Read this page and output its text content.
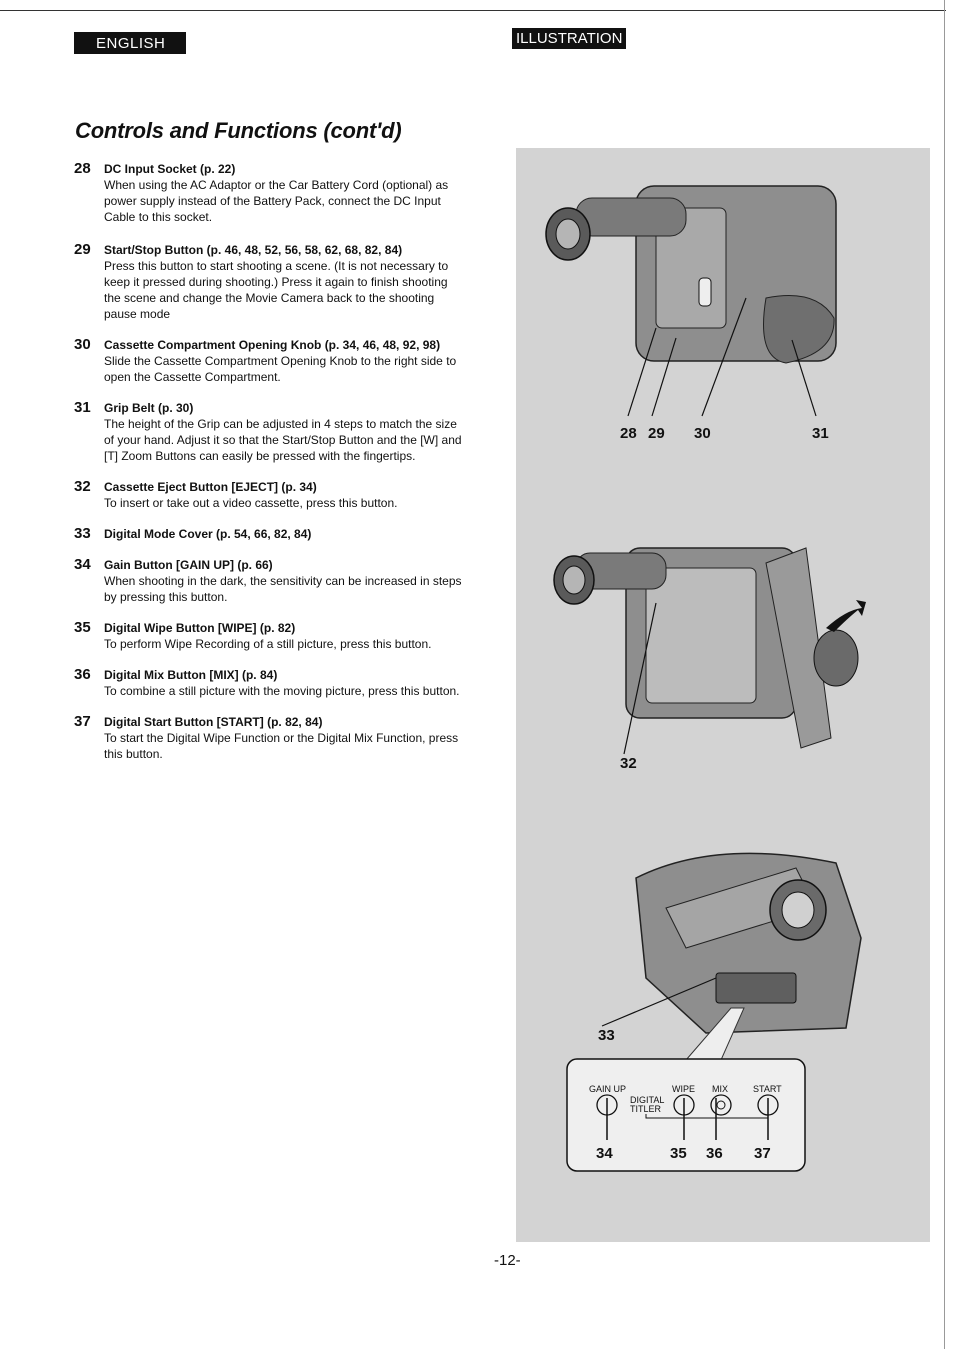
ENGLISH	ILLUSTRATION
Controls and Functions (cont'd)
28	DC Input Socket (p. 22)
When using the AC Adaptor or the Car Battery Cord (optional) as power supply instead of the Battery Pack, connect the DC Input Cable to this socket.
29	Start/Stop Button (p. 46, 48, 52, 56, 58, 62, 68, 82, 84)
Press this button to start shooting a scene. (It is not necessary to keep it pressed during shooting.) Press it again to finish shooting the scene and change the Movie Camera back to the shooting pause mode
30	Cassette Compartment Opening Knob (p. 34, 46, 48, 92, 98)
Slide the Cassette Compartment Opening Knob to the right side to open the Cassette Compartment.
31	Grip Belt (p. 30)
The height of the Grip can be adjusted in 4 steps to match the size of your hand. Adjust it so that the Start/Stop Button and the [W] and [T] Zoom Buttons can easily be pressed with the fingertips.
32	Cassette Eject Button [EJECT] (p. 34)
To insert or take out a video cassette, press this button.
33	Digital Mode Cover (p. 54, 66, 82, 84)
34	Gain Button [GAIN UP] (p. 66)
When shooting in the dark, the sensitivity can be increased in steps by pressing this button.
35	Digital Wipe Button [WIPE] (p. 82)
To perform Wipe Recording of a still picture, press this button.
36	Digital Mix Button [MIX] (p. 84)
To combine a still picture with the moving picture, press this button.
37	Digital Start Button [START] (p. 82, 84)
To start the Digital Wipe Function or the Digital Mix Function, press this button.
28 29 30	31
32
33
GAIN UP	WIPE MIX	START
DIGITAL
TITLER
34	35 36 37
-12-
